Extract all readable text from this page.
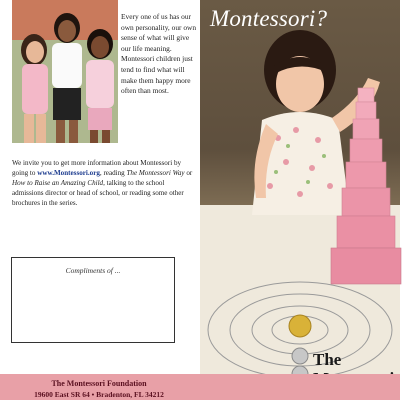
Every one of us has our own personality, our own sense of what will give our life meaning. Montessori children just tend to find what will make them happy more often than most.
We invite you to get more information about Montessori by going to www.Montessori.org, reading The Montessori Way or How to Raise an Amazing Child, talking to the school admissions director or head of school, or reading some other brochures in the series.
Compliments of ...
Montessori?
The
The Montessori Foundation
19600 East SR 64 • Bradenton, FL 34212
